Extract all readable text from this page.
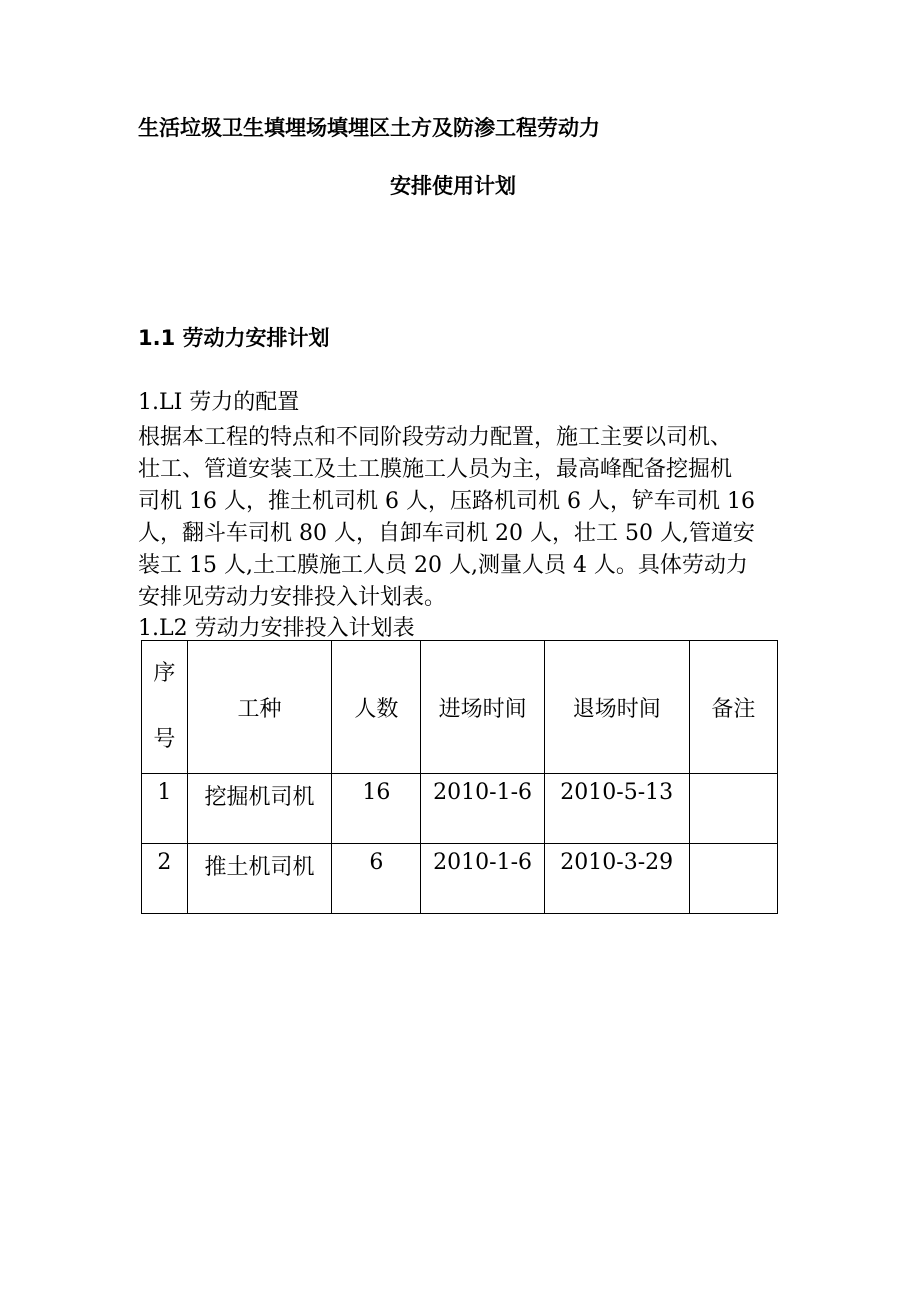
生活垃圾卫生填埋场填埋区土方及防渗工程劳动力
安排使用计划
1.1 劳动力安排计划
1.LI 劳力的配置
根据本工程的特点和不同阶段劳动力配置，施工主要以司机、
壮工、管道安装工及土工膜施工人员为主，最高峰配备挖掘机
司机 16 人，推土机司机 6 人，压路机司机 6 人，铲车司机 16
人，翻斗车司机 80 人，自卸车司机 20 人，壮工 50 人,管道安
装工 15 人,土工膜施工人员 20 人,测量人员 4 人。具体劳动力
安排见劳动力安排投入计划表。
1.L2 劳动力安排投入计划表
序
号	工种	人数	进场时间	退场时间	备注
1	挖掘机司机	16	2010-1-6	2010-5-13	
2	推土机司机	6	2010-1-6	2010-3-29	
